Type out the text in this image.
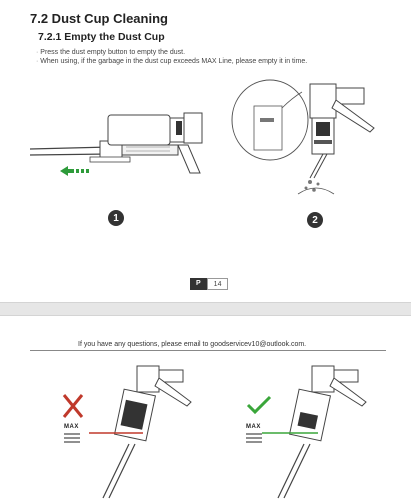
7.2 Dust Cup Cleaning
7.2.1 Empty the Dust Cup
· Press the dust empty button to empty the dust.
· When using, if the garbage in the dust cup exceeds MAX Line, please empty it in time.
1	2
P	14
If you have any questions, please email to goodservicev10@outlook.com.
MAX	MAX
